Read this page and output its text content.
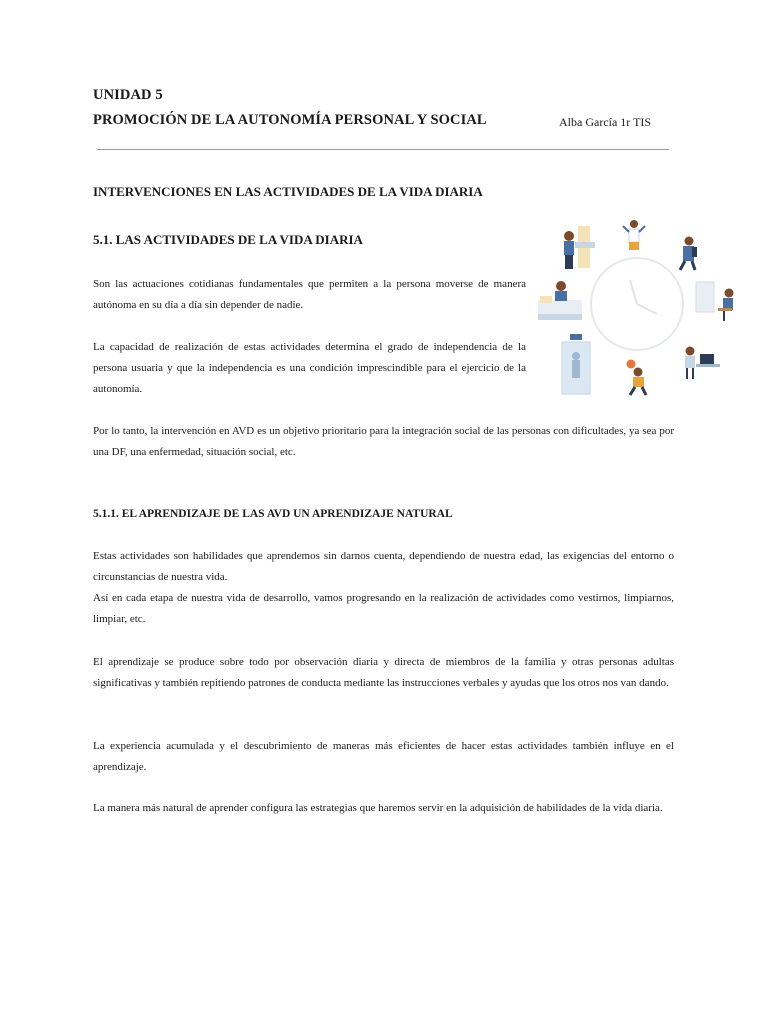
UNIDAD 5
PROMOCIÓN DE LA AUTONOMÍA PERSONAL Y SOCIAL	Alba García 1r TIS

INTERVENCIONES EN LAS ACTIVIDADES DE LA VIDA DIARIA
5.1. LAS ACTIVIDADES DE LA VIDA DIARIA

Son las actuaciones cotidianas fundamentales que permiten a la persona moverse de manera autónoma en su día a día sin depender de nadie.

La capacidad de realización de estas actividades determina el grado de independencia de la persona usuaria y que la independencia es una condición imprescindible para el ejercicio de la autonomía.

Por lo tanto, la intervención en AVD es un objetivo prioritario para la integración social de las personas con dificultades, ya sea por una DF, una enfermedad, situación social, etc.

5.1.1. EL APRENDIZAJE DE LAS AVD UN APRENDIZAJE NATURAL

Estas actividades son habilidades que aprendemos sin darnos cuenta, dependiendo de nuestra edad, las exigencias del entorno o circunstancias de nuestra vida.

Así en cada etapa de nuestra vida de desarrollo, vamos progresando en la realización de actividades como vestirnos, limpiarnos, limpiar, etc.

El aprendizaje se produce sobre todo por observación diaria y directa de miembros de la familia y otras personas adultas significativas y también repitiendo patrones de conducta mediante las instrucciones verbales y ayudas que los otros nos van dando.

La experiencia acumulada y el descubrimiento de maneras más eficientes de hacer estas actividades también influye en el aprendizaje.

La manera más natural de aprender configura las estrategias que haremos servir en la adquisición de habilidades de la vida diaria.
